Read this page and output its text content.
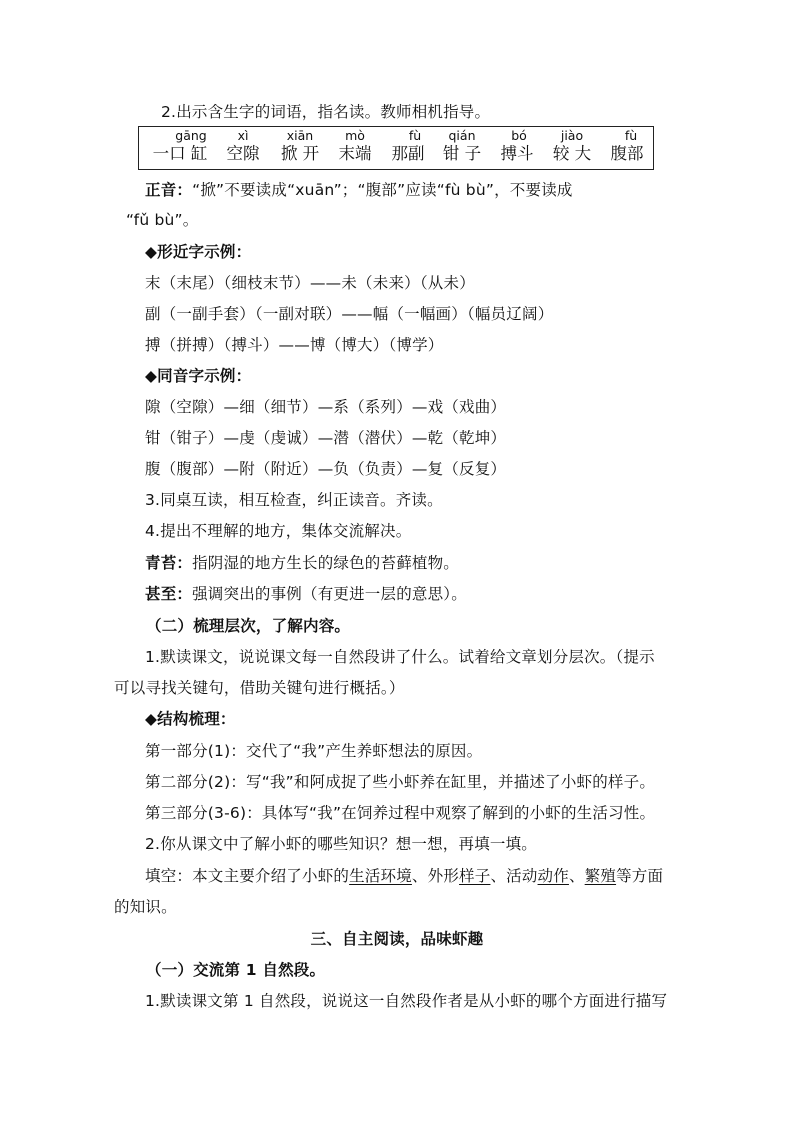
2.出示含生字的词语，指名读。教师相机指导。
gāng
一口 缸
xì
空隙
xiān
掀 开
mò
末端
fù
那副
qián
钳 子
bó
搏斗
jiào
较 大
fù
腹部
正音：“掀”不要读成“xuān”；“腹部”应读“fù bù”，不要读成
“fǔ bù”。
◆形近字示例：
末（末尾）（细枝末节）——未（未来）（从未）
副（一副手套）（一副对联）——幅（一幅画）（幅员辽阔）
搏（拼搏）（搏斗）——博（博大）（博学）
◆同音字示例：
隙（空隙）—细（细节）—系（系列）—戏（戏曲）
钳（钳子）—虔（虔诚）—潜（潜伏）—乾（乾坤）
腹（腹部）—附（附近）—负（负责）—复（反复）
3.同桌互读，相互检查，纠正读音。齐读。
4.提出不理解的地方，集体交流解决。
青苔：指阴湿的地方生长的绿色的苔藓植物。
甚至：强调突出的事例（有更进一层的意思）。
（二）梳理层次，了解内容。
1.默读课文，说说课文每一自然段讲了什么。试着给文章划分层次。（提示
可以寻找关键句，借助关键句进行概括。）
◆结构梳理：
第一部分(1)：交代了“我”产生养虾想法的原因。
第二部分(2)：写“我”和阿成捉了些小虾养在缸里，并描述了小虾的样子。
第三部分(3-6)：具体写“我”在饲养过程中观察了解到的小虾的生活习性。
2.你从课文中了解小虾的哪些知识？想一想，再填一填。
填空：本文主要介绍了小虾的生活环境、外形样子、活动动作、繁殖等方面
的知识。
三、自主阅读，品味虾趣
（一）交流第 1 自然段。
1.默读课文第 1 自然段，说说这一自然段作者是从小虾的哪个方面进行描写
